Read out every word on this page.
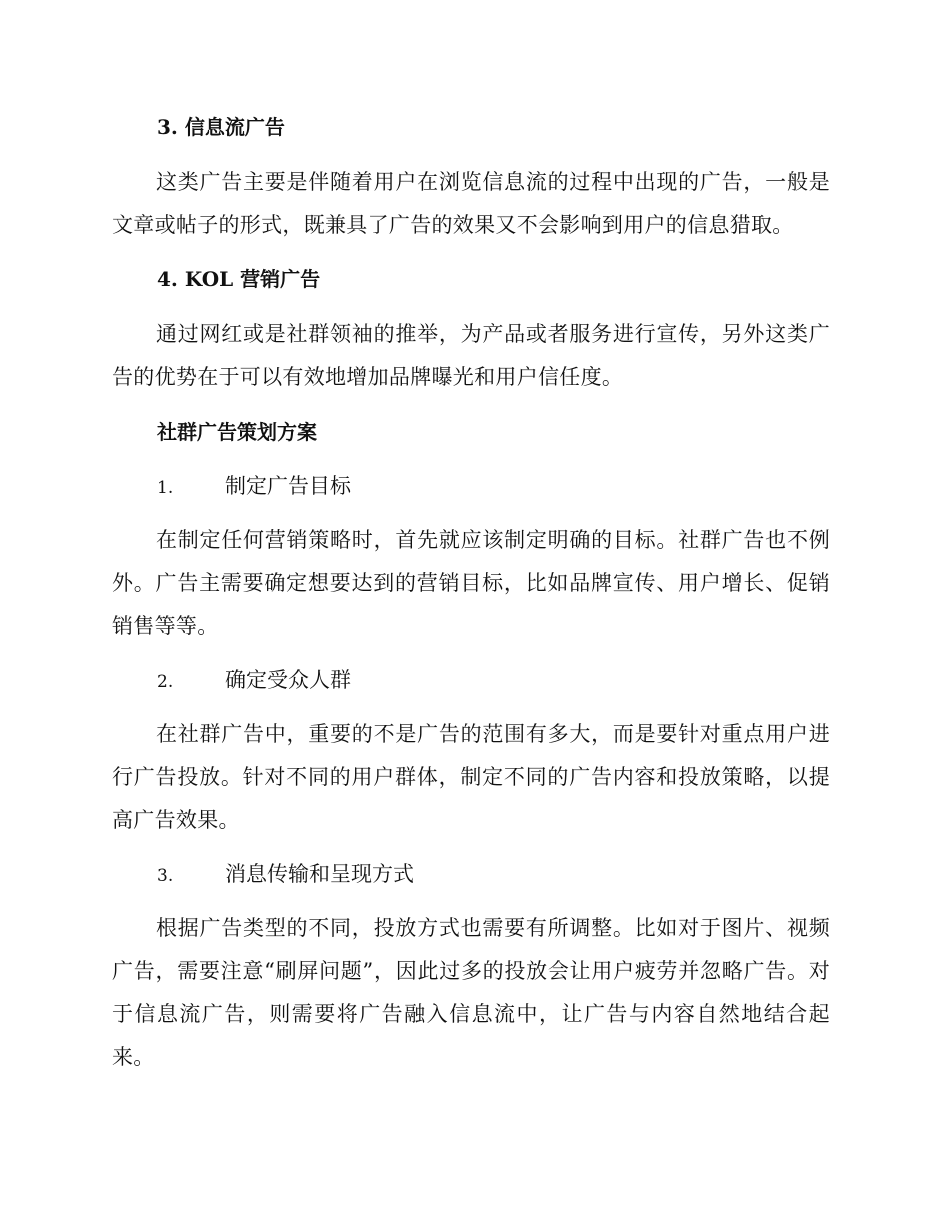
3. 信息流广告

这类广告主要是伴随着用户在浏览信息流的过程中出现的广告，一般是文章或帖子的形式，既兼具了广告的效果又不会影响到用户的信息猎取。

4. KOL 营销广告

通过网红或是社群领袖的推举，为产品或者服务进行宣传，另外这类广告的优势在于可以有效地增加品牌曝光和用户信任度。

社群广告策划方案

1. 制定广告目标

在制定任何营销策略时，首先就应该制定明确的目标。社群广告也不例外。广告主需要确定想要达到的营销目标，比如品牌宣传、用户增长、促销销售等等。

2. 确定受众人群

在社群广告中，重要的不是广告的范围有多大，而是要针对重点用户进行广告投放。针对不同的用户群体，制定不同的广告内容和投放策略，以提高广告效果。

3. 消息传输和呈现方式

根据广告类型的不同，投放方式也需要有所调整。比如对于图片、视频广告，需要注意“刷屏问题”，因此过多的投放会让用户疲劳并忽略广告。对于信息流广告，则需要将广告融入信息流中，让广告与内容自然地结合起来。
